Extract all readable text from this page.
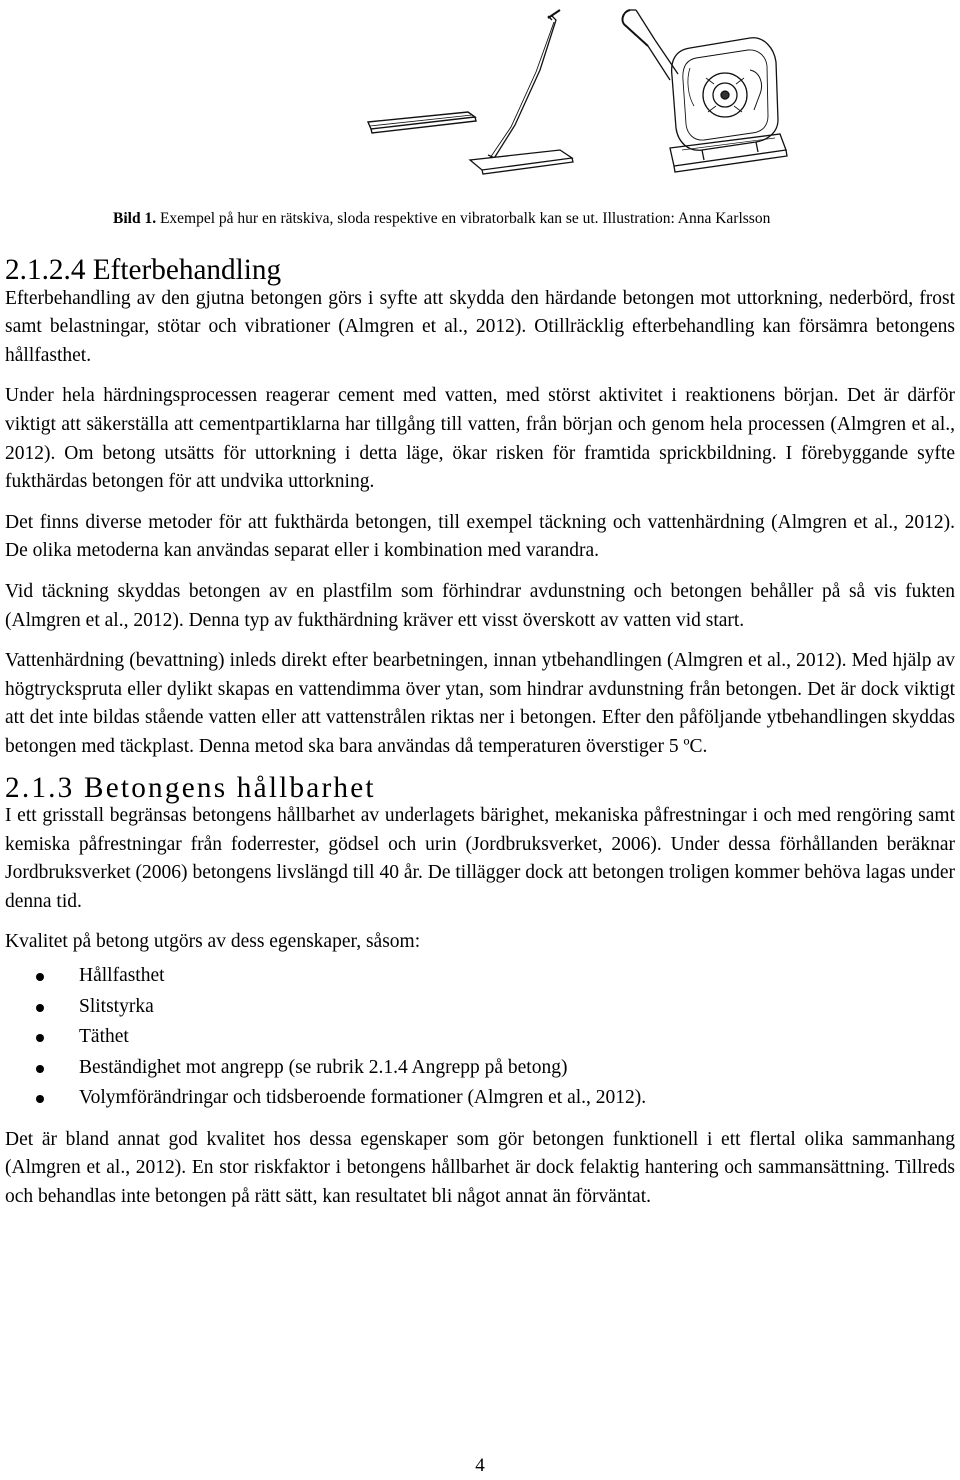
Bild 1. Exempel på hur en rätskiva, sloda respektive en vibratorbalk kan se ut. Illustration: Anna Karlsson
2.1.2.4 Efterbehandling

Efterbehandling av den gjutna betongen görs i syfte att skydda den härdande betongen mot uttorkning, nederbörd, frost samt belastningar, stötar och vibrationer (Almgren et al., 2012). Otillräcklig efterbehandling kan försämra betongens hållfasthet.

Under hela härdningsprocessen reagerar cement med vatten, med störst aktivitet i reaktionens början. Det är därför viktigt att säkerställa att cementpartiklarna har tillgång till vatten, från början och genom hela processen (Almgren et al., 2012). Om betong utsätts för uttorkning i detta läge, ökar risken för framtida sprickbildning. I förebyggande syfte fukthärdas betongen för att undvika uttorkning.

Det finns diverse metoder för att fukthärda betongen, till exempel täckning och vattenhärdning (Almgren et al., 2012). De olika metoderna kan användas separat eller i kombination med varandra.

Vid täckning skyddas betongen av en plastfilm som förhindrar avdunstning och betongen behåller på så vis fukten (Almgren et al., 2012). Denna typ av fukthärdning kräver ett visst överskott av vatten vid start.

Vattenhärdning (bevattning) inleds direkt efter bearbetningen, innan ytbehandlingen (Almgren et al., 2012). Med hjälp av högtryckspruta eller dylikt skapas en vattendimma över ytan, som hindrar avdunstning från betongen. Det är dock viktigt att det inte bildas stående vatten eller att vattenstrålen riktas ner i betongen. Efter den påföljande ytbehandlingen skyddas betongen med täckplast. Denna metod ska bara användas då temperaturen överstiger 5 ºC.

2.1.3 Betongens hållbarhet

I ett grisstall begränsas betongens hållbarhet av underlagets bärighet, mekaniska påfrestningar i och med rengöring samt kemiska påfrestningar från foderrester, gödsel och urin (Jordbruksverket, 2006). Under dessa förhållanden beräknar Jordbruksverket (2006) betongens livslängd till 40 år. De tillägger dock att betongen troligen kommer behöva lagas under denna tid.

Kvalitet på betong utgörs av dess egenskaper, såsom:

Hållfasthet
Slitstyrka
Täthet
Beständighet mot angrepp (se rubrik 2.1.4 Angrepp på betong)
Volymförändringar och tidsberoende formationer (Almgren et al., 2012).

Det är bland annat god kvalitet hos dessa egenskaper som gör betongen funktionell i ett flertal olika sammanhang (Almgren et al., 2012). En stor riskfaktor i betongens hållbarhet är dock felaktig hantering och sammansättning. Tillreds och behandlas inte betongen på rätt sätt, kan resultatet bli något annat än förväntat.

4
